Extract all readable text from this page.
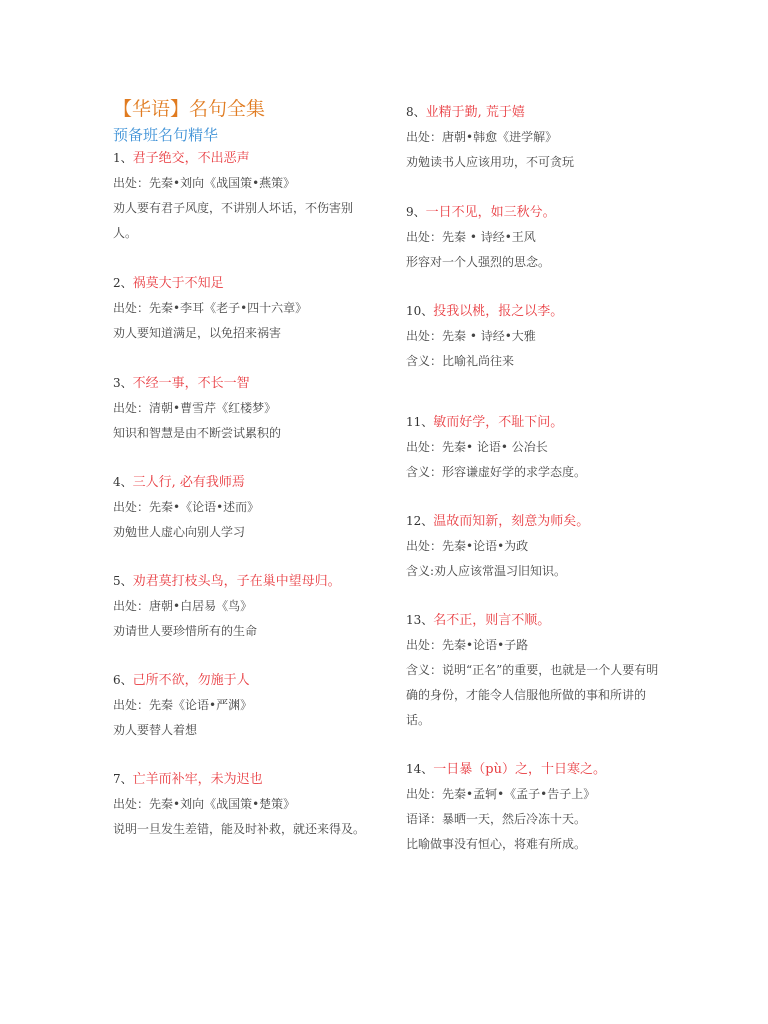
【华语】名句全集
预备班名句精华
1、君子绝交，不出恶声
出处：先秦•刘向《战国策•燕策》
劝人要有君子风度，不讲别人坏话，不伤害别人。
2、祸莫大于不知足
出处：先秦•李耳《老子•四十六章》
劝人要知道满足，以免招来祸害
3、不经一事，不长一智
出处：清朝•曹雪芹《红楼梦》
知识和智慧是由不断尝试累积的
4、三人行, 必有我师焉
出处：先秦•《论语•述而》
劝勉世人虚心向别人学习
5、劝君莫打枝头鸟，子在巢中望母归。
出处：唐朝•白居易《鸟》
劝请世人要珍惜所有的生命
6、己所不欲，勿施于人
出处：先秦《论语•严渊》
劝人要替人着想
7、亡羊而补牢，未为迟也
出处：先秦•刘向《战国策•楚策》
说明一旦发生差错，能及时补救，就还来得及。
8、业精于勤, 荒于嬉
出处：唐朝•韩愈《进学解》
劝勉读书人应该用功，不可贪玩
9、一日不见，如三秋兮。
出处：先秦 • 诗经•王风
形容对一个人强烈的思念。
10、投我以桃，报之以李。
出处：先秦 • 诗经•大雅
含义：比喻礼尚往来
11、敏而好学，不耻下问。
出处：先秦• 论语• 公冶长
含义：形容谦虚好学的求学态度。
12、温故而知新，刻意为师矣。
出处：先秦•论语•为政
含义:劝人应该常温习旧知识。
13、名不正，则言不顺。
出处：先秦•论语•子路
含义：说明“正名”的重要，也就是一个人要有明确的身份，才能令人信服他所做的事和所讲的话。
14、一日暴（pù）之，十日寒之。
出处：先秦•孟轲•《孟子•告子上》
语译：暴晒一天，然后冷冻十天。
比喻做事没有恒心，将难有所成。
